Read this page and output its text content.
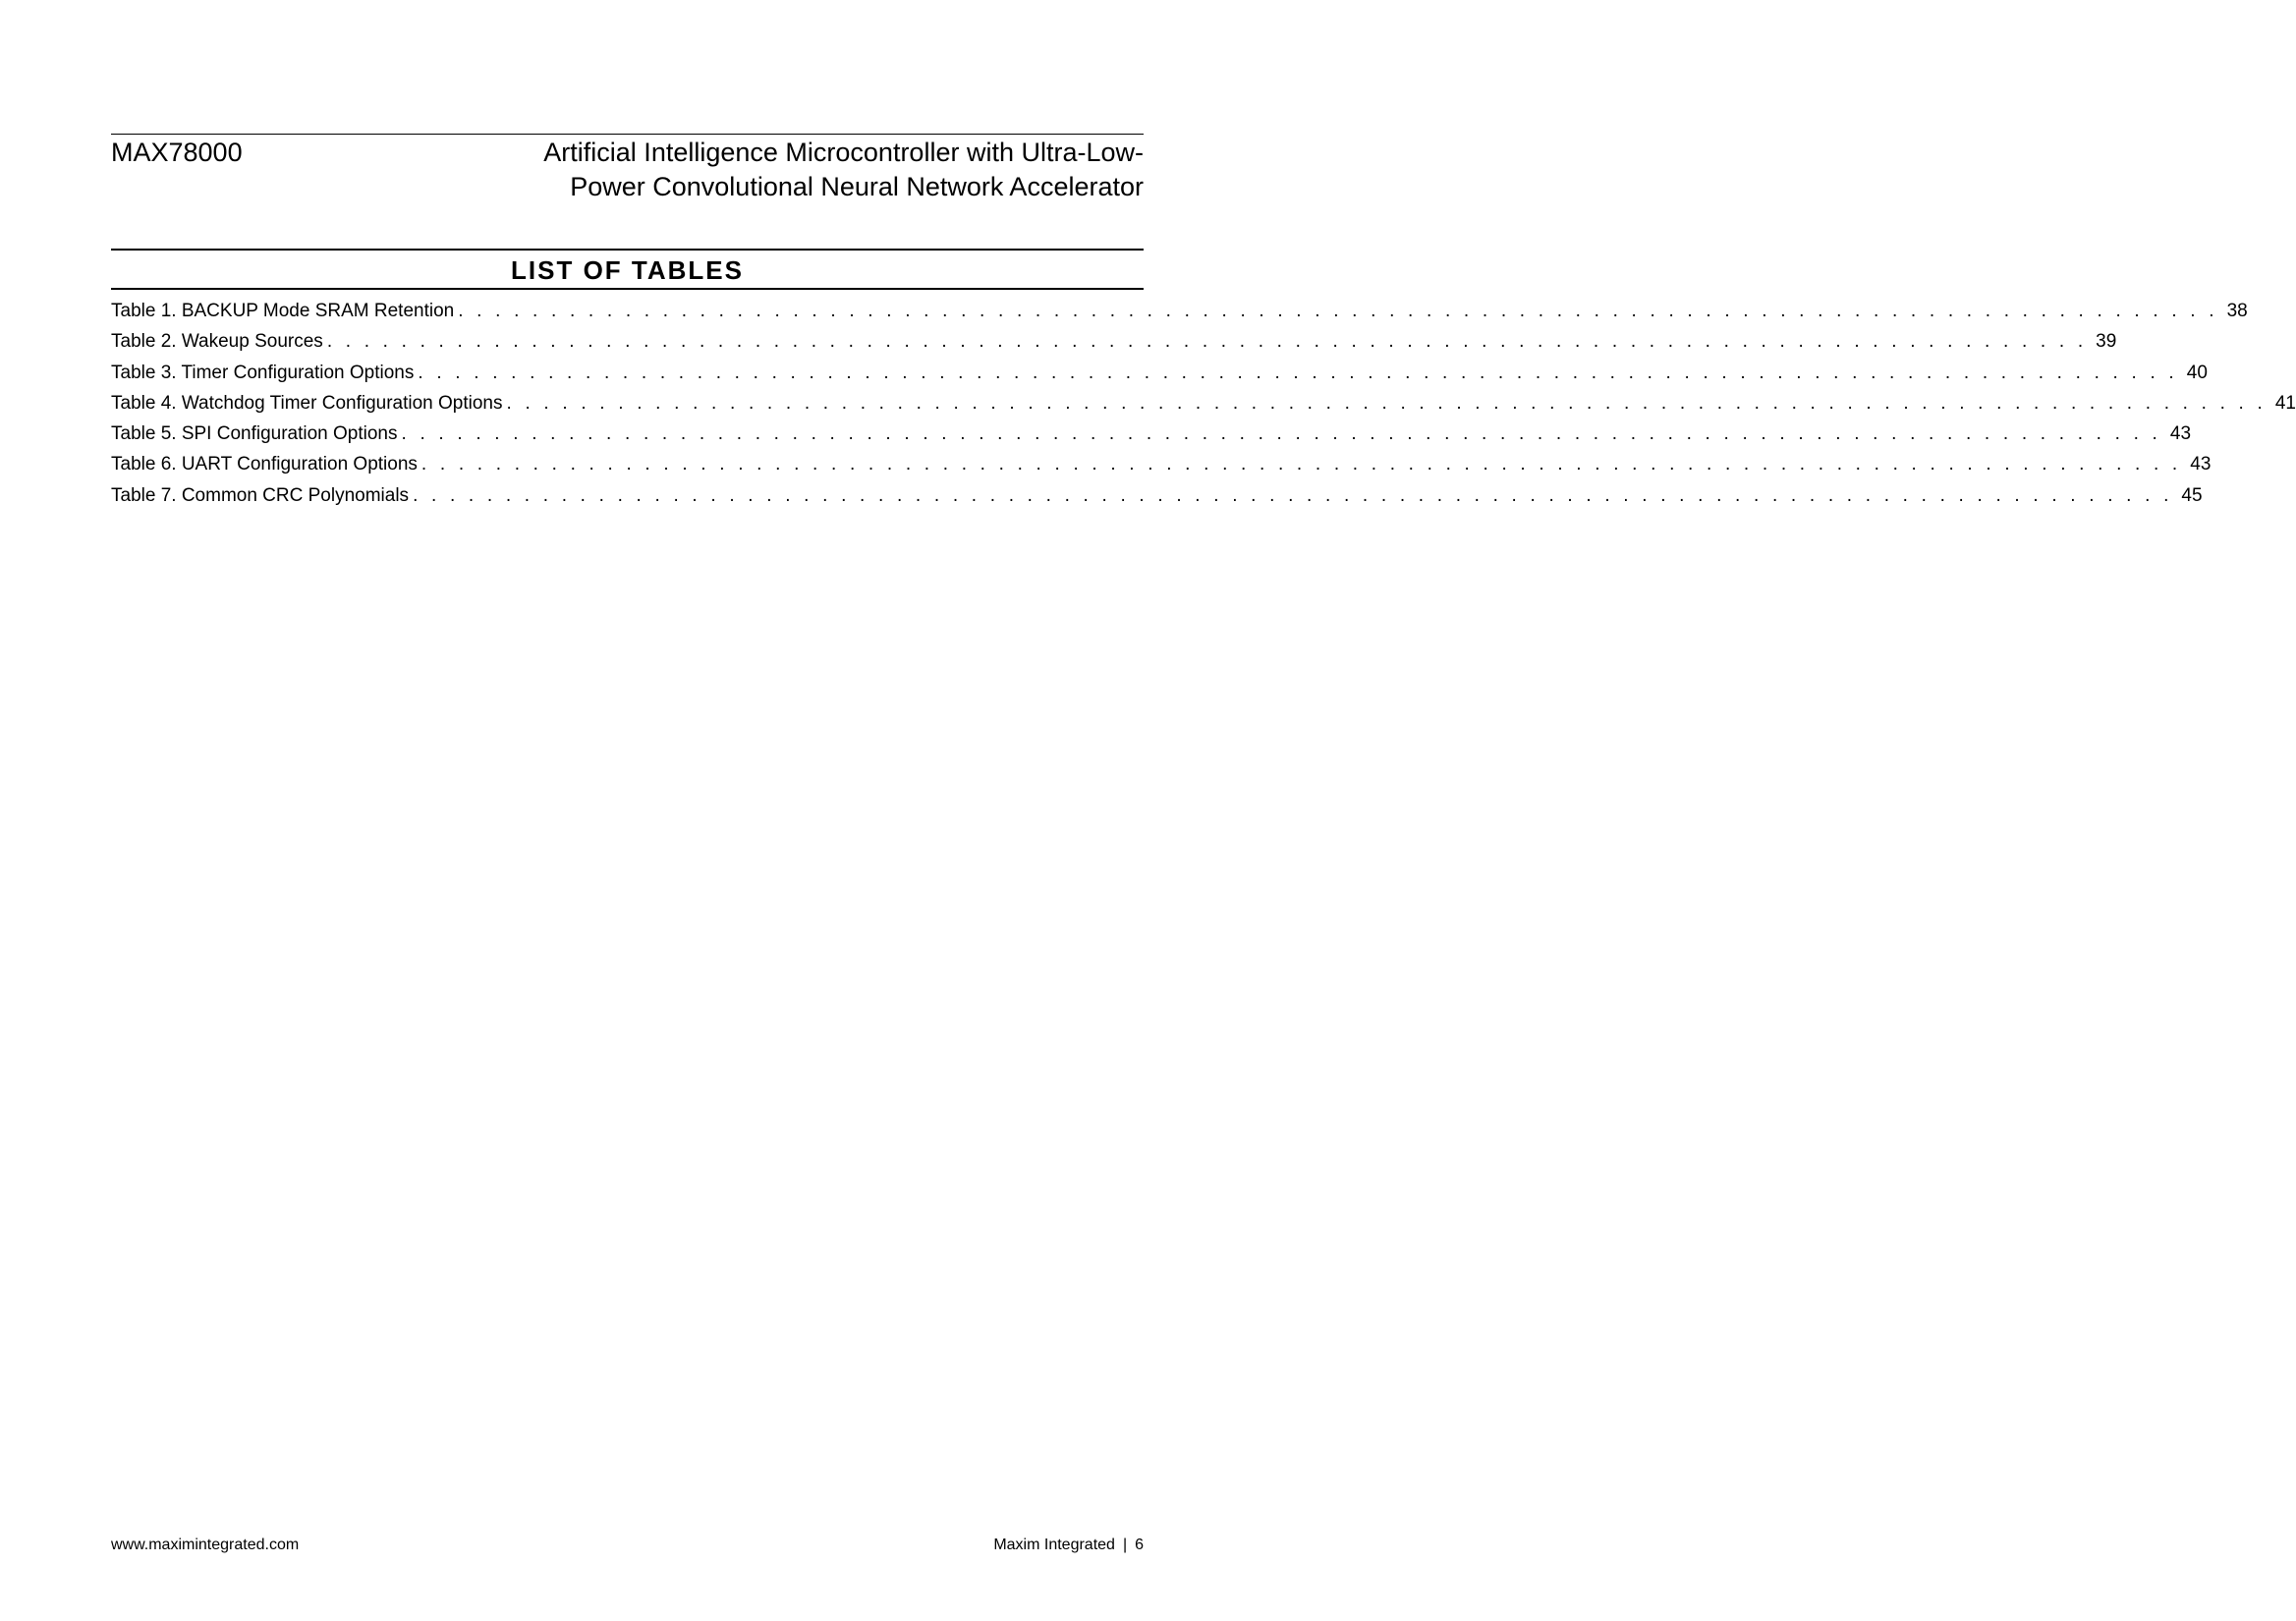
MAX78000	Artificial Intelligence Microcontroller with Ultra-Low-
Power Convolutional Neural Network Accelerator
LIST OF TABLES
Table 1. BACKUP Mode SRAM Retention . . . . . . . . . . . . . . . . . . . . . . . . . . . . . . . . . . . . . . . . . . . . . . . . . . . . . . . . . . . . . . . . . . . . . . . . . . . . . . . . . . . . . . . . . . . . . . . 38
Table 2. Wakeup Sources . . . . . . . . . . . . . . . . . . . . . . . . . . . . . . . . . . . . . . . . . . . . . . . . . . . . . . . . . . . . . . . . . . . . . . . . . . . . . . . . . . . . . . . . . . . . . . . 39
Table 3. Timer Configuration Options . . . . . . . . . . . . . . . . . . . . . . . . . . . . . . . . . . . . . . . . . . . . . . . . . . . . . . . . . . . . . . . . . . . . . . . . . . . . . . . . . . . . . . . . . . . . . . . 40
Table 4. Watchdog Timer Configuration Options . . . . . . . . . . . . . . . . . . . . . . . . . . . . . . . . . . . . . . . . . . . . . . . . . . . . . . . . . . . . . . . . . . . . . . . . . . . . . . . . . . . . . . . . . . . . . . . 41
Table 5. SPI Configuration Options . . . . . . . . . . . . . . . . . . . . . . . . . . . . . . . . . . . . . . . . . . . . . . . . . . . . . . . . . . . . . . . . . . . . . . . . . . . . . . . . . . . . . . . . . . . . . . . 43
Table 6. UART Configuration Options . . . . . . . . . . . . . . . . . . . . . . . . . . . . . . . . . . . . . . . . . . . . . . . . . . . . . . . . . . . . . . . . . . . . . . . . . . . . . . . . . . . . . . . . . . . . . . . 43
Table 7. Common CRC Polynomials . . . . . . . . . . . . . . . . . . . . . . . . . . . . . . . . . . . . . . . . . . . . . . . . . . . . . . . . . . . . . . . . . . . . . . . . . . . . . . . . . . . . . . . . . . . . . . . 45
www.maximintegrated.com	Maxim Integrated | 6
